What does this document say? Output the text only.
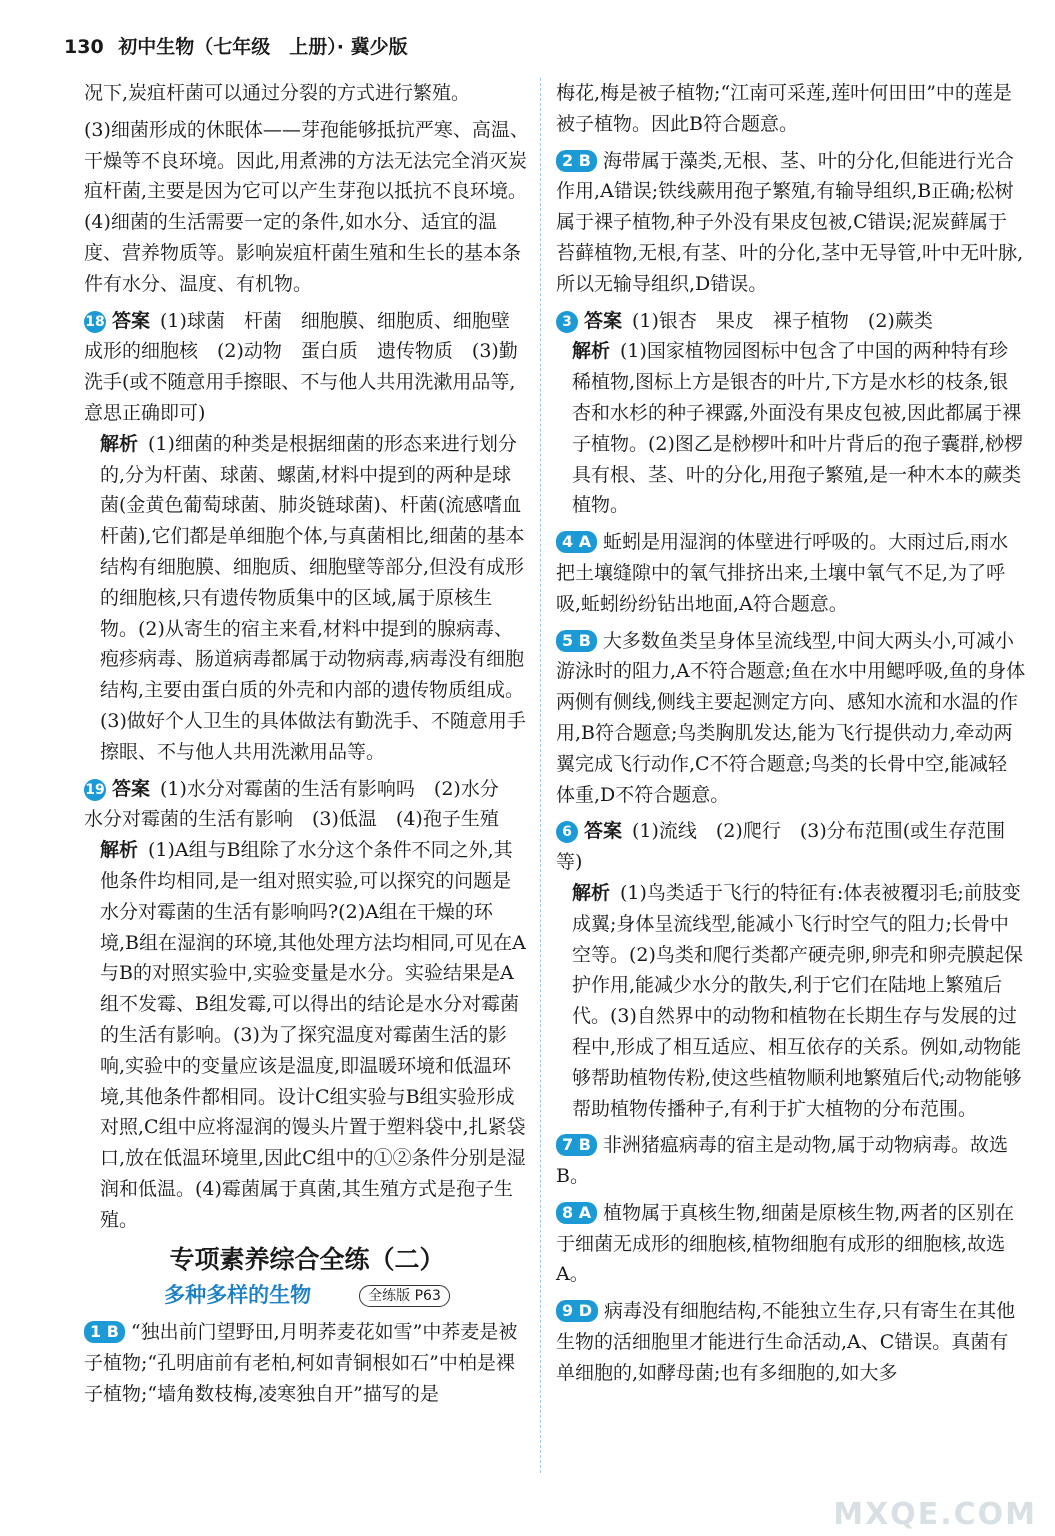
130 初中生物（七年级　上册）· 冀少版

况下,炭疽杆菌可以通过分裂的方式进行繁殖。

(3)细菌形成的休眠体——芽孢能够抵抗严寒、高温、干燥等不良环境。因此,用煮沸的方法无法完全消灭炭疽杆菌,主要是因为它可以产生芽孢以抵抗不良环境。(4)细菌的生活需要一定的条件,如水分、适宜的温度、营养物质等。影响炭疽杆菌生殖和生长的基本条件有水分、温度、有机物。

18 答案 (1)球菌　杆菌　细胞膜、细胞质、细胞壁　成形的细胞核　(2)动物　蛋白质　遗传物质　(3)勤洗手(或不随意用手擦眼、不与他人共用洗漱用品等,意思正确即可)
解析 (1)细菌的种类是根据细菌的形态来进行划分的,分为杆菌、球菌、螺菌,材料中提到的两种是球菌(金黄色葡萄球菌、肺炎链球菌)、杆菌(流感嗜血杆菌),它们都是单细胞个体,与真菌相比,细菌的基本结构有细胞膜、细胞质、细胞壁等部分,但没有成形的细胞核,只有遗传物质集中的区域,属于原核生物。(2)从寄生的宿主来看,材料中提到的腺病毒、疱疹病毒、肠道病毒都属于动物病毒,病毒没有细胞结构,主要由蛋白质的外壳和内部的遗传物质组成。(3)做好个人卫生的具体做法有勤洗手、不随意用手擦眼、不与他人共用洗漱用品等。
19 答案 (1)水分对霉菌的生活有影响吗　(2)水分　水分对霉菌的生活有影响　(3)低温　(4)孢子生殖
解析 (1)A组与B组除了水分这个条件不同之外,其他条件均相同,是一组对照实验,可以探究的问题是水分对霉菌的生活有影响吗?(2)A组在干燥的环境,B组在湿润的环境,其他处理方法均相同,可见在A与B的对照实验中,实验变量是水分。实验结果是A组不发霉、B组发霉,可以得出的结论是水分对霉菌的生活有影响。(3)为了探究温度对霉菌生活的影响,实验中的变量应该是温度,即温暖环境和低温环境,其他条件都相同。设计C组实验与B组实验形成对照,C组中应将湿润的馒头片置于塑料袋中,扎紧袋口,放在低温环境里,因此C组中的①②条件分别是湿润和低温。(4)霉菌属于真菌,其生殖方式是孢子生殖。
专项素养综合全练（二）
多种多样的生物	全练版 P63
1 B “独出前门望野田,月明荞麦花如雪”中荞麦是被子植物;“孔明庙前有老柏,柯如青铜根如石”中柏是裸子植物;“墙角数枝梅,凌寒独自开”描写的是

梅花,梅是被子植物;“江南可采莲,莲叶何田田”中的莲是被子植物。因此B符合题意。

2 B 海带属于藻类,无根、茎、叶的分化,但能进行光合作用,A错误;铁线蕨用孢子繁殖,有输导组织,B正确;松树属于裸子植物,种子外没有果皮包被,C错误;泥炭藓属于苔藓植物,无根,有茎、叶的分化,茎中无导管,叶中无叶脉,所以无输导组织,D错误。
3 答案 (1)银杏　果皮　裸子植物　(2)蕨类
解析 (1)国家植物园图标中包含了中国的两种特有珍稀植物,图标上方是银杏的叶片,下方是水杉的枝条,银杏和水杉的种子裸露,外面没有果皮包被,因此都属于裸子植物。(2)图乙是桫椤叶和叶片背后的孢子囊群,桫椤具有根、茎、叶的分化,用孢子繁殖,是一种木本的蕨类植物。
4 A 蚯蚓是用湿润的体壁进行呼吸的。大雨过后,雨水把土壤缝隙中的氧气排挤出来,土壤中氧气不足,为了呼吸,蚯蚓纷纷钻出地面,A符合题意。
5 B 大多数鱼类呈身体呈流线型,中间大两头小,可减小游泳时的阻力,A不符合题意;鱼在水中用鳃呼吸,鱼的身体两侧有侧线,侧线主要起测定方向、感知水流和水温的作用,B符合题意;鸟类胸肌发达,能为飞行提供动力,牵动两翼完成飞行动作,C不符合题意;鸟类的长骨中空,能减轻体重,D不符合题意。
6 答案 (1)流线　(2)爬行　(3)分布范围(或生存范围等)
解析 (1)鸟类适于飞行的特征有:体表被覆羽毛;前肢变成翼;身体呈流线型,能减小飞行时空气的阻力;长骨中空等。(2)鸟类和爬行类都产硬壳卵,卵壳和卵壳膜起保护作用,能减少水分的散失,利于它们在陆地上繁殖后代。(3)自然界中的动物和植物在长期生存与发展的过程中,形成了相互适应、相互依存的关系。例如,动物能够帮助植物传粉,使这些植物顺利地繁殖后代;动物能够帮助植物传播种子,有利于扩大植物的分布范围。
7 B 非洲猪瘟病毒的宿主是动物,属于动物病毒。故选B。
8 A 植物属于真核生物,细菌是原核生物,两者的区别在于细菌无成形的细胞核,植物细胞有成形的细胞核,故选A。
9 D 病毒没有细胞结构,不能独立生存,只有寄生在其他生物的活细胞里才能进行生命活动,A、C错误。真菌有单细胞的,如酵母菌;也有多细胞的,如大多
MXQE.COM
